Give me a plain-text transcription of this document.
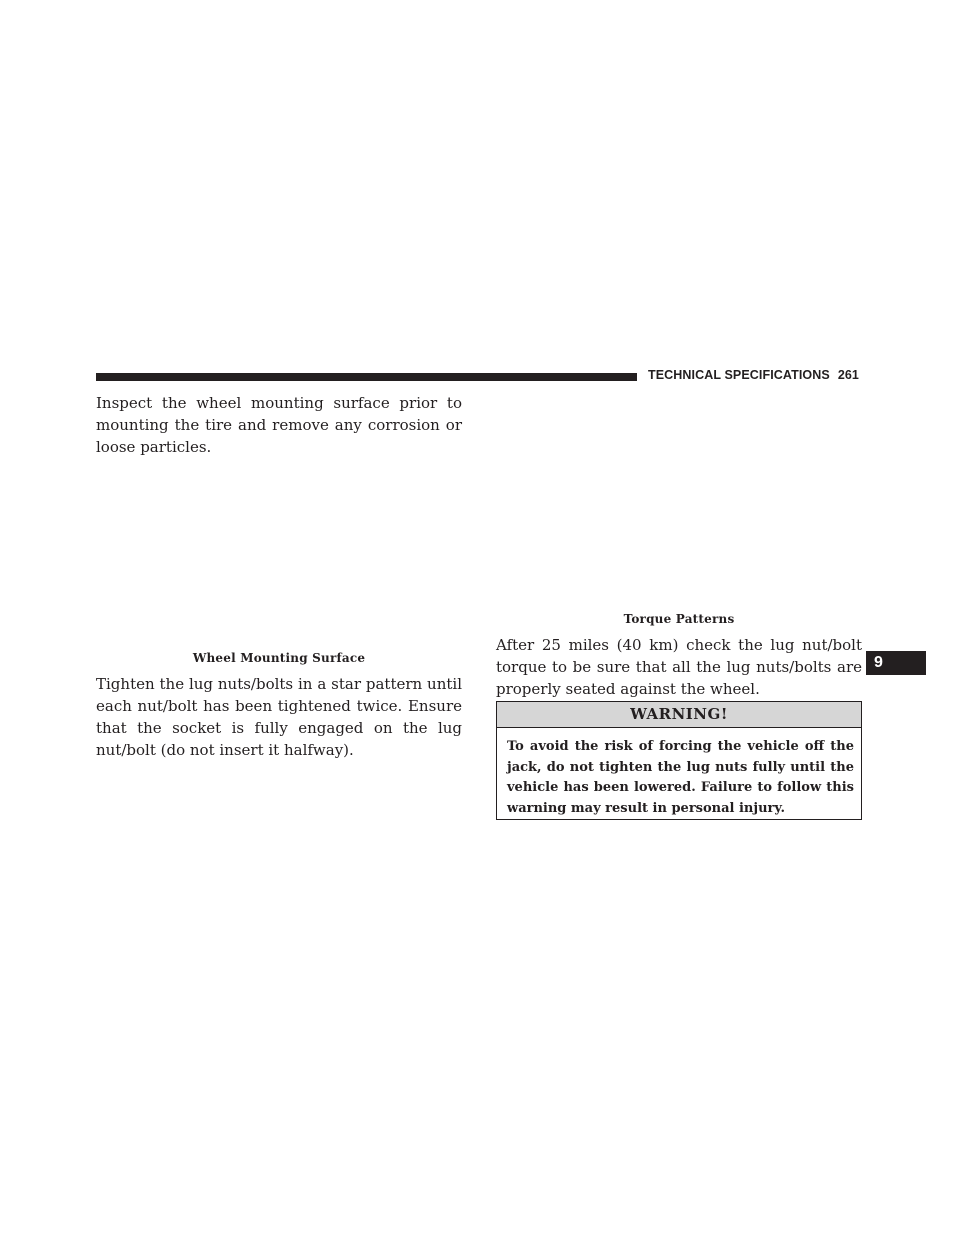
TECHNICAL SPECIFICATIONS 261
Inspect the wheel mounting surface prior to mounting the tire and remove any corrosion or loose particles.
Wheel Mounting Surface
Tighten the lug nuts/bolts in a star pattern until each nut/bolt has been tightened twice. Ensure that the socket is fully engaged on the lug nut/bolt (do not insert it halfway).
Torque Patterns
After 25 miles (40 km) check the lug nut/bolt torque to be sure that all the lug nuts/bolts are properly seated against the wheel.
9
WARNING!
To avoid the risk of forcing the vehicle off the jack, do not tighten the lug nuts fully until the vehicle has been lowered. Failure to follow this warning may result in personal injury.
